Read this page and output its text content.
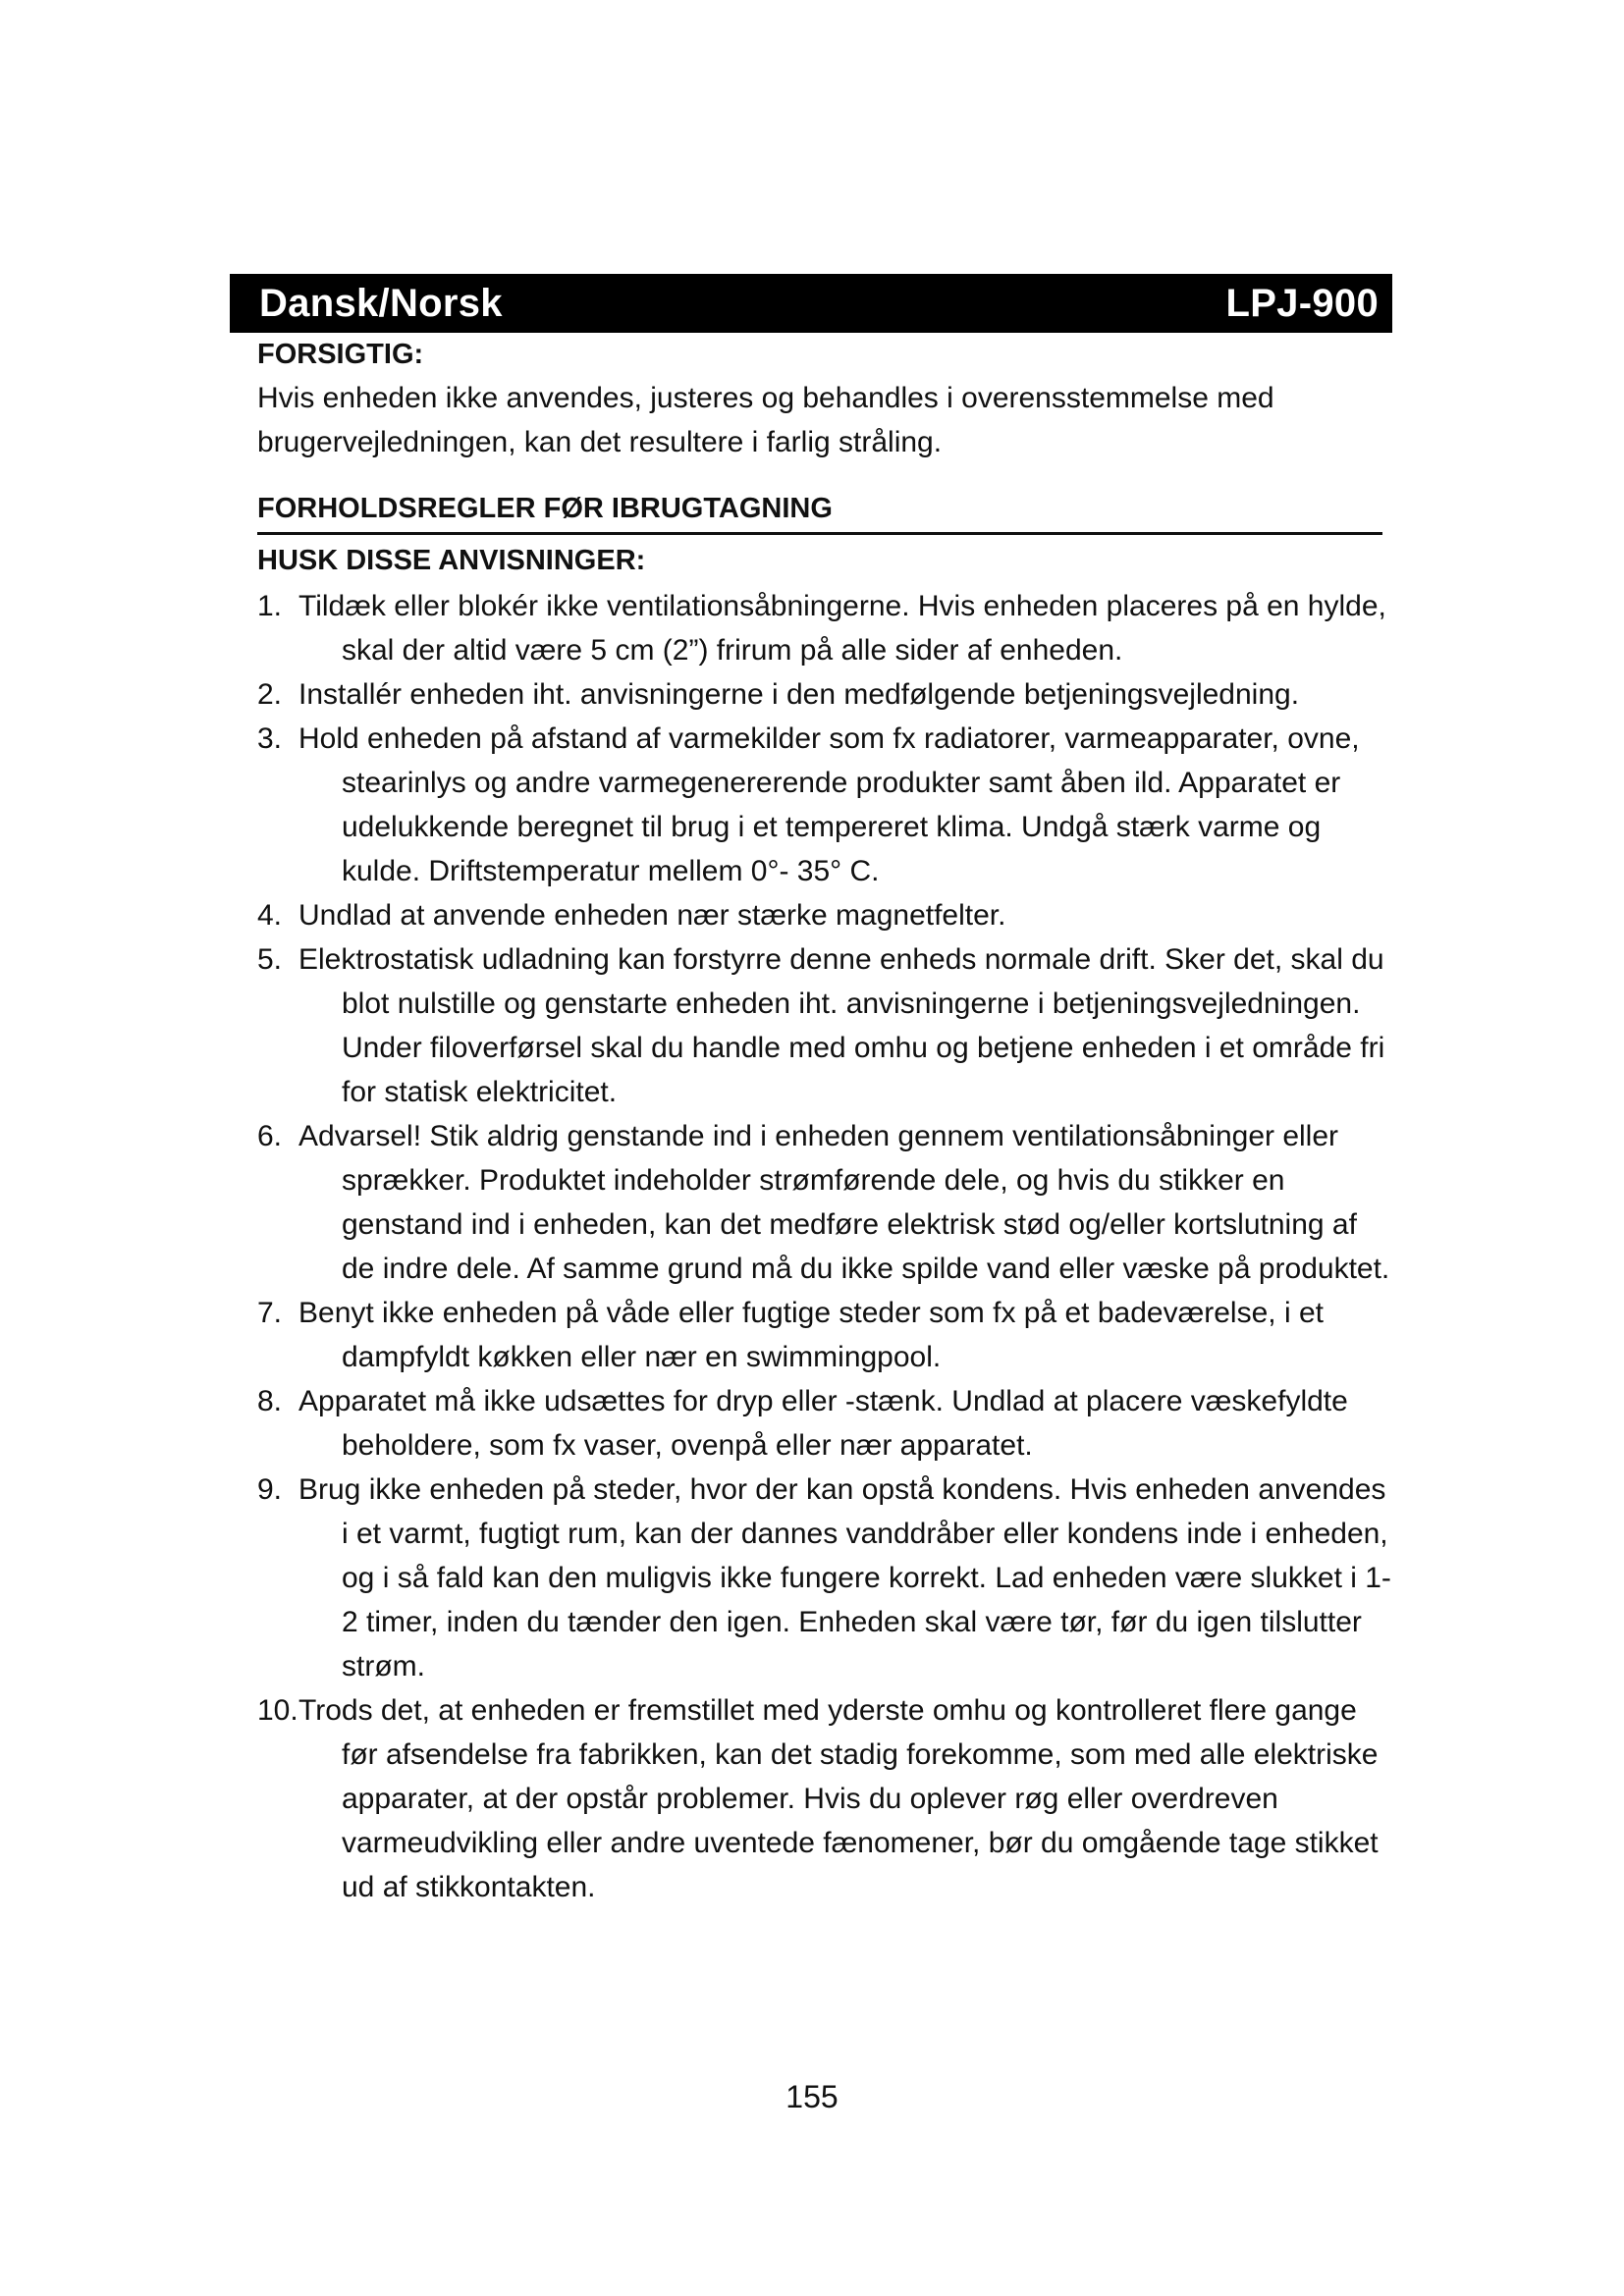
Dansk/Norsk	LPJ-900
FORSIGTIG:

Hvis enheden ikke anvendes, justeres og behandles i overensstemmelse med brugervejledningen, kan det resultere i farlig stråling.

FORHOLDSREGLER FØR IBRUGTAGNING
HUSK DISSE ANVISNINGER:
1. Tildæk eller blokér ikke ventilationsåbningerne. Hvis enheden placeres på en hylde, skal der altid være 5 cm (2”) frirum på alle sider af enheden.
2. Installér enheden iht. anvisningerne i den medfølgende betjeningsvejledning.
3. Hold enheden på afstand af varmekilder som fx radiatorer, varmeapparater, ovne, stearinlys og andre varmegenererende produkter samt åben ild. Apparatet er udelukkende beregnet til brug i et tempereret klima. Undgå stærk varme og kulde. Driftstemperatur mellem 0°- 35° C.
4. Undlad at anvende enheden nær stærke magnetfelter.
5. Elektrostatisk udladning kan forstyrre denne enheds normale drift. Sker det, skal du blot nulstille og genstarte enheden iht. anvisningerne i betjeningsvejledningen. Under filoverførsel skal du handle med omhu og betjene enheden i et område fri for statisk elektricitet.
6. Advarsel! Stik aldrig genstande ind i enheden gennem ventilationsåbninger eller sprækker. Produktet indeholder strømførende dele, og hvis du stikker en genstand ind i enheden, kan det medføre elektrisk stød og/eller kortslutning af de indre dele. Af samme grund må du ikke spilde vand eller væske på produktet.
7. Benyt ikke enheden på våde eller fugtige steder som fx på et badeværelse, i et dampfyldt køkken eller nær en swimmingpool.
8. Apparatet må ikke udsættes for dryp eller -stænk. Undlad at placere væskefyldte beholdere, som fx vaser, ovenpå eller nær apparatet.
9. Brug ikke enheden på steder, hvor der kan opstå kondens. Hvis enheden anvendes i et varmt, fugtigt rum, kan der dannes vanddråber eller kondens inde i enheden, og i så fald kan den muligvis ikke fungere korrekt. Lad enheden være slukket i 1-2 timer, inden du tænder den igen. Enheden skal være tør, før du igen tilslutter strøm.
10. Trods det, at enheden er fremstillet med yderste omhu og kontrolleret flere gange før afsendelse fra fabrikken, kan det stadig forekomme, som med alle elektriske apparater, at der opstår problemer. Hvis du oplever røg eller overdreven varmeudvikling eller andre uventede fænomener, bør du omgående tage stikket ud af stikkontakten.
155
